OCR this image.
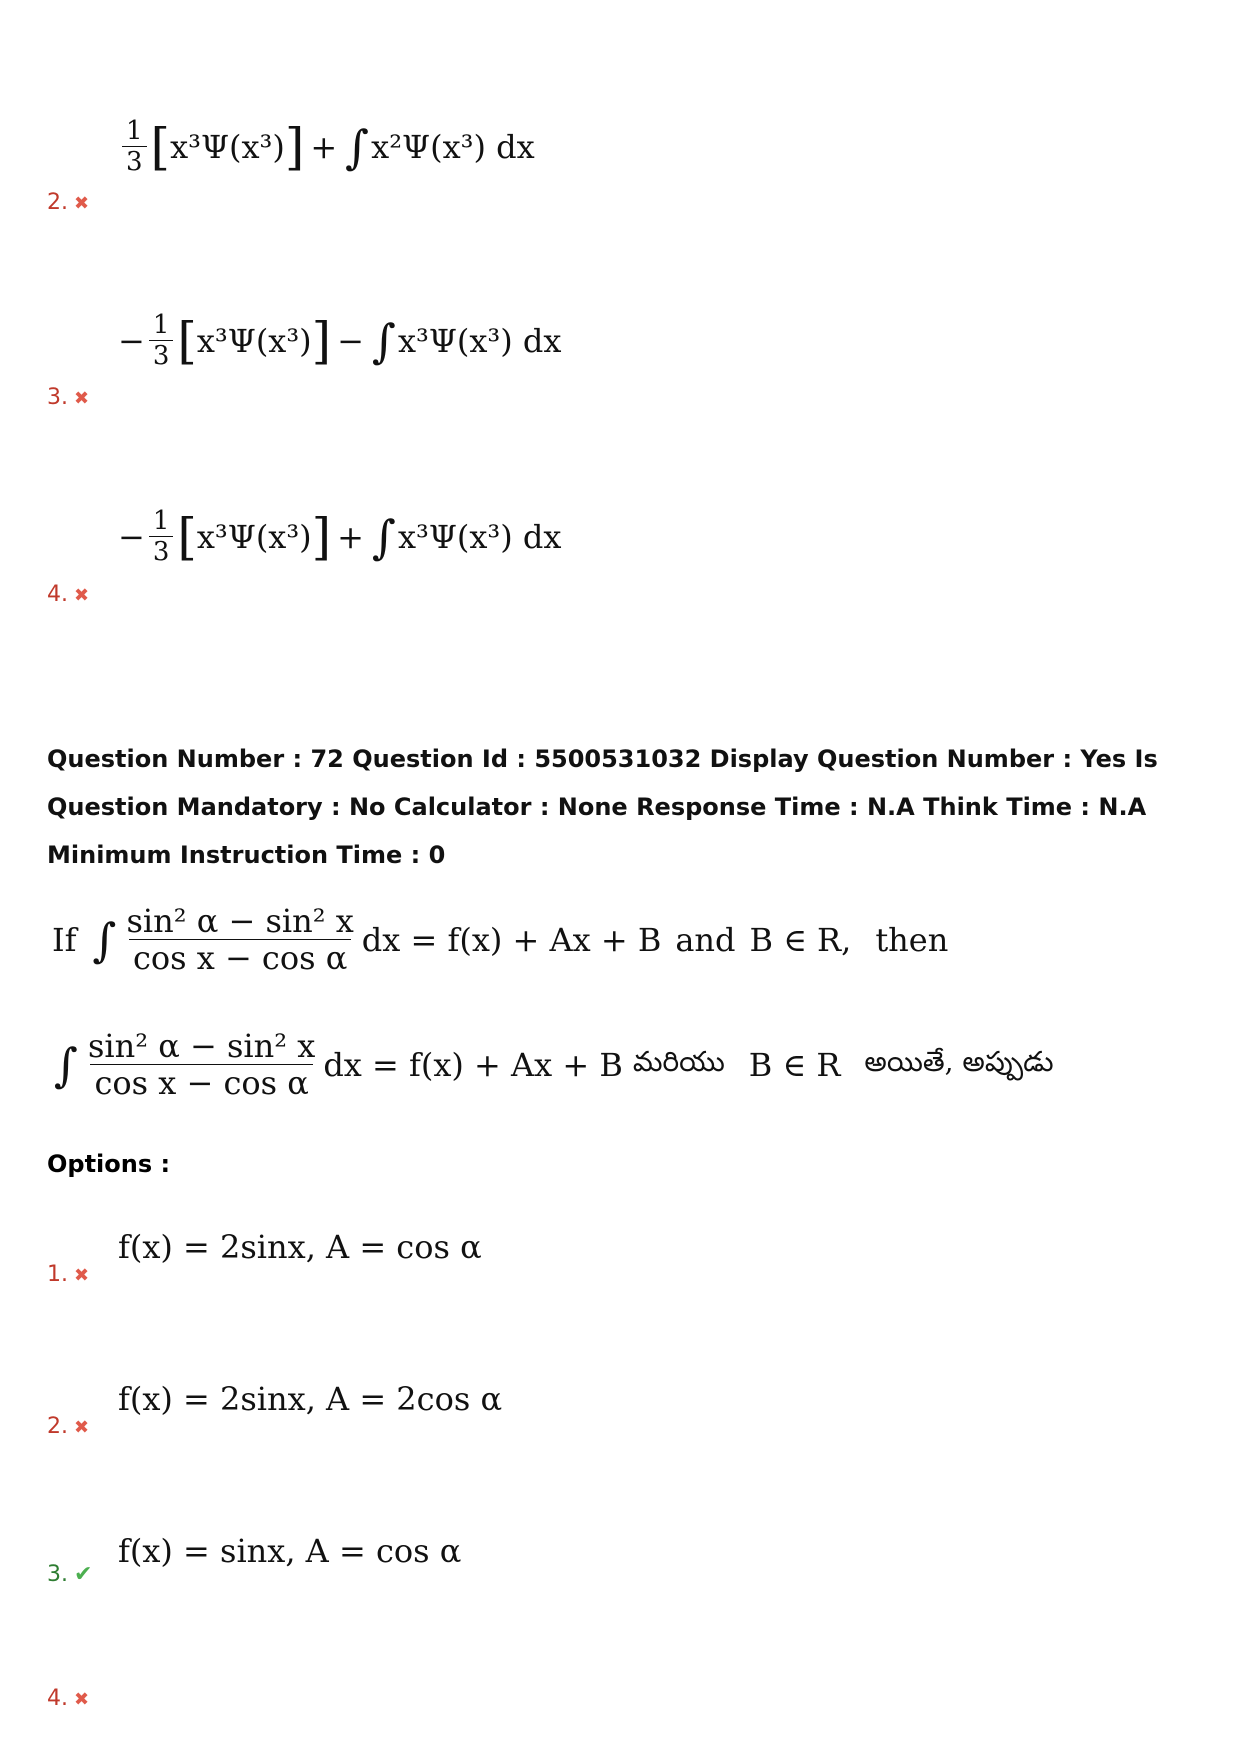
$\frac{1}{3}$ [ x³Ψ(x³) ] + ∫ x²Ψ(x³) dx
2. ✖
− $\frac{1}{3}$ [ x³Ψ(x³) ] − ∫ x³Ψ(x³) dx
3. ✖
− $\frac{1}{3}$ [ x³Ψ(x³) ] + ∫ x³Ψ(x³) dx
4. ✖
Question Number : 72 Question Id : 5500531032 Display Question Number : Yes Is Question Mandatory : No Calculator : None Response Time : N.A Think Time : N.A Minimum Instruction Time : 0
If ∫ $\frac{\text{sin² α − sin² x}}{\text{cos x − cos α}}$ dx = f(x) + Ax + B and B ∈ R, then
∫ $\frac{\text{sin² α − sin² x}}{\text{cos x − cos α}}$ dx = f(x) + Ax + B మరియు B ∈ R అయితే, అప్పుడు
Options :
f(x) = 2sinx, A = cos α
1. ✖
f(x) = 2sinx, A = 2cos α
2. ✖
f(x) = sinx, A = cos α
3. ✔
4. ✖
